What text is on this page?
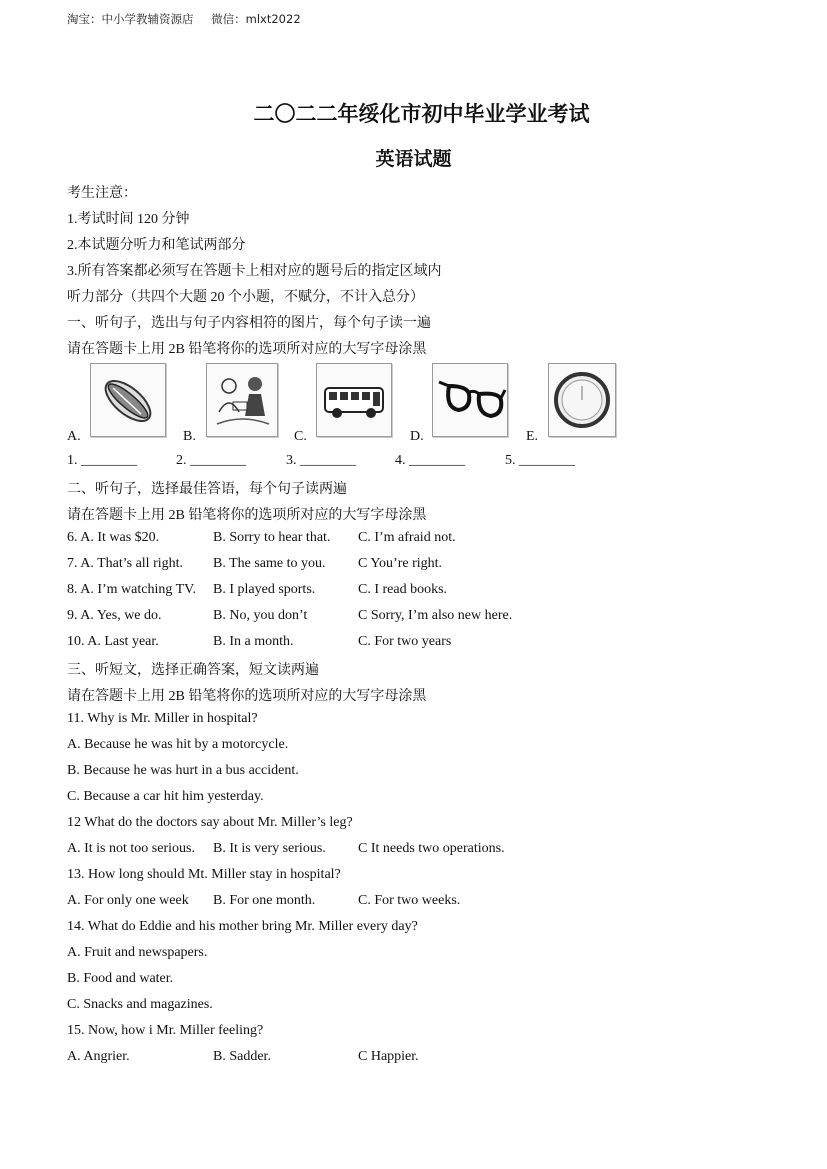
淘宝：中小学教辅资源店 微信：mlxt2022
二〇二二年绥化市初中毕业学业考试
英语试题
考生注意：
1.考试时间 120 分钟
2.本试题分听力和笔试两部分
3.所有答案都必须写在答题卡上相对应的题号后的指定区域内
听力部分（共四个大题 20 个小题，不赋分，不计入总分）
一、听句子，选出与句子内容相符的图片，每个句子读一遍
请在答题卡上用 2B 铅笔将你的选项所对应的大写字母涂黑
A.	B.	C.	D.	E.
1. ________	2. ________	3. ________	4. ________	5. ________
二、听句子，选择最佳答语，每个句子读两遍
请在答题卡上用 2B 铅笔将你的选项所对应的大写字母涂黑
6. A. It was $20.	B. Sorry to hear that. C. I’m afraid not.
7. A. That’s all right. B. The same to you. C You’re right.
8. A. I’m watching TV. B. I played sports.	C. I read books.
9. A. Yes, we do.	B. No, you don’t	C Sorry, I’m also new here.
10. A. Last year.	B. In a month.	C. For two years
三、听短文，选择正确答案，短文读两遍
请在答题卡上用 2B 铅笔将你的选项所对应的大写字母涂黑
11. Why is Mr. Miller in hospital?
A. Because he was hit by a motorcycle.
B. Because he was hurt in a bus accident.
C. Because a car hit him yesterday.
12 What do the doctors say about Mr. Miller’s leg?
A. It is not too serious. B. It is very serious. C It needs two operations.
13. How long should Mt. Miller stay in hospital?
A. For only one week B. For one month.	C. For two weeks.
14. What do Eddie and his mother bring Mr. Miller every day?
A. Fruit and newspapers.
B. Food and water.
C. Snacks and magazines.
15. Now, how i Mr. Miller feeling?
A. Angrier.	B. Sadder.	C Happier.
